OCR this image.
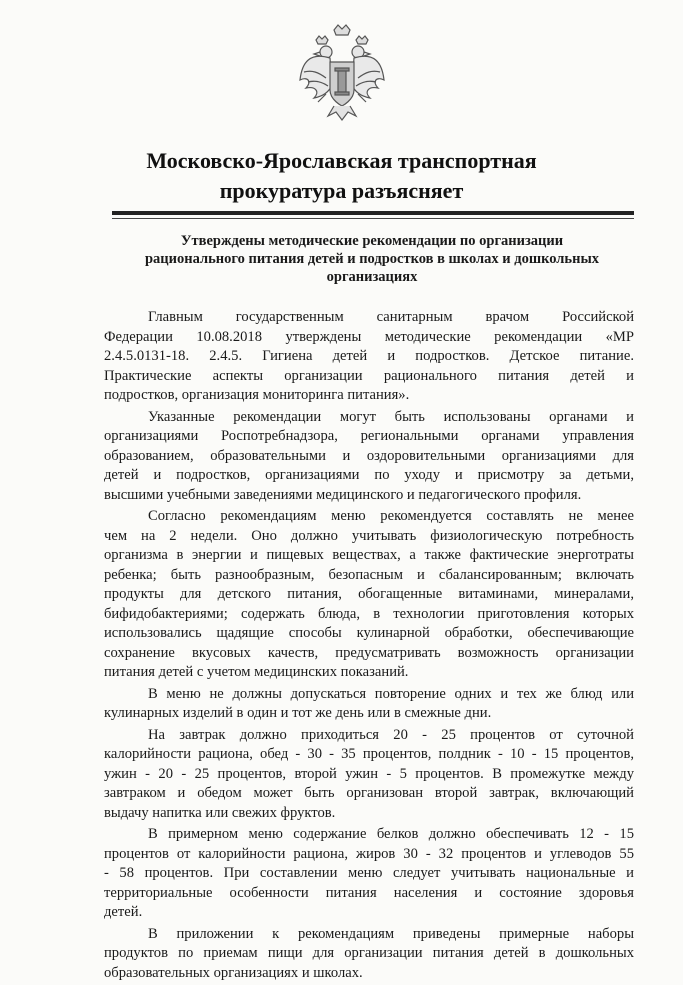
Московско-Ярославская транспортная
прокуратура разъясняет
Утверждены методические рекомендации по организации
рационального питания детей и подростков в школах и дошкольных
организациях
Главным государственным санитарным врачом Российской
Федерации 10.08.2018 утверждены методические рекомендации «МР
2.4.5.0131-18. 2.4.5. Гигиена детей и подростков. Детское питание.
Практические аспекты организации рационального питания детей и
подростков, организация мониторинга питания».
Указанные рекомендации могут быть использованы органами и
организациями Роспотребнадзора, региональными органами управления
образованием, образовательными и оздоровительными организациями для
детей и подростков, организациями по уходу и присмотру за детьми,
высшими учебными заведениями медицинского и педагогического профиля.
Согласно рекомендациям меню рекомендуется составлять не менее
чем на 2 недели. Оно должно учитывать физиологическую потребность
организма в энергии и пищевых веществах, а также фактические энерготраты
ребенка; быть разнообразным, безопасным и сбалансированным; включать
продукты для детского питания, обогащенные витаминами, минералами,
бифидобактериями; содержать блюда, в технологии приготовления которых
использовались щадящие способы кулинарной обработки, обеспечивающие
сохранение вкусовых качеств, предусматривать возможность организации
питания детей с учетом медицинских показаний.
В меню не должны допускаться повторение одних и тех же блюд или
кулинарных изделий в один и тот же день или в смежные дни.
На завтрак должно приходиться 20 - 25 процентов от суточной
калорийности рациона, обед - 30 - 35 процентов, полдник - 10 - 15 процентов,
ужин - 20 - 25 процентов, второй ужин - 5 процентов. В промежутке между
завтраком и обедом может быть организован второй завтрак, включающий
выдачу напитка или свежих фруктов.
В примерном меню содержание белков должно обеспечивать 12 - 15
процентов от калорийности рациона, жиров 30 - 32 процентов и углеводов 55
- 58 процентов. При составлении меню следует учитывать национальные и
территориальные особенности питания населения и состояние здоровья
детей.
В приложении к рекомендациям приведены примерные наборы
продуктов по приемам пищи для организации питания детей в дошкольных
образовательных организациях и школах.
